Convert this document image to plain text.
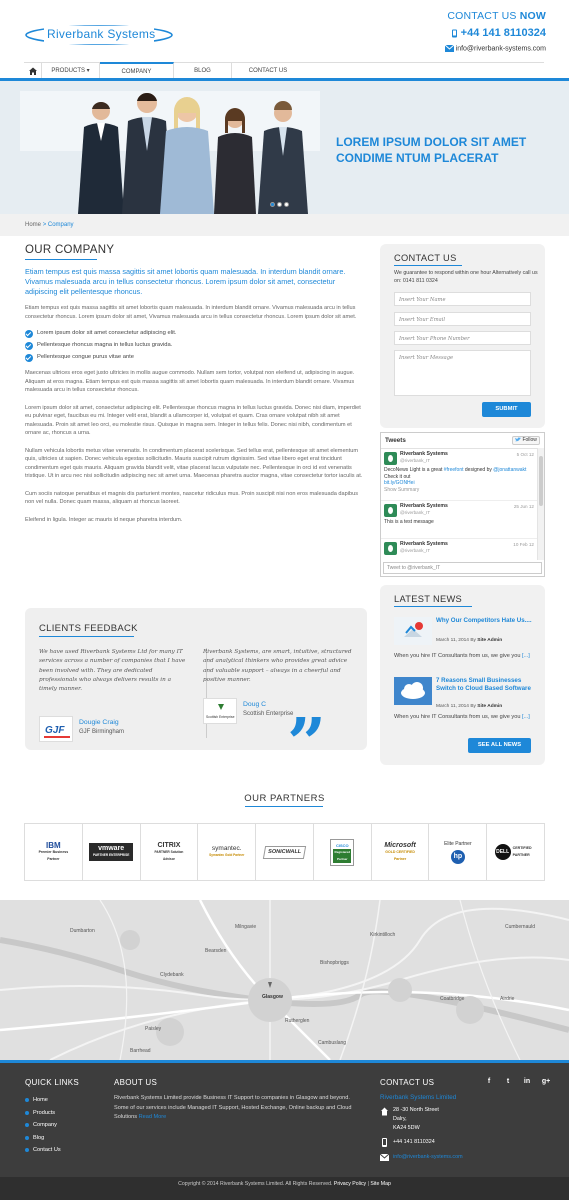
Riverbank Systems
CONTACT US NOW
+44 141 8110324
info@riverbank-systems.com
PRODUCTS ▾	COMPANY	BLOG	CONTACT US
LOREM IPSUM DOLOR SIT AMET
CONDIME NTUM PLACERAT
Home > Company
OUR COMPANY

Etiam tempus est quis massa sagittis sit amet lobortis quam malesuada. In interdum blandit ornare. Vivamus malesuada arcu in tellus consectetur rhoncus. Lorem ipsum dolor sit amet, consectetur adipiscing elit pellentesque rhoncus.

Etiam tempus est quis massa sagittis sit amet lobortis quam malesuada. In interdum blandit ornare. Vivamus malesuada arcu in tellus consectetur rhoncus. Lorem ipsum dolor sit amet, Vivamus malesuada arcu in tellus consectetur rhoncus. Lorem ipsum dolor sit amet.

Lorem ipsum dolor sit amet consectetur adipiscing elit.
Pellentesque rhoncus magna in tellus luctus gravida.
Pellentesque congue purus vitae ante

Maecenas ultrices eros eget justo ultricies in mollis augue commodo. Nullam sem tortor, volutpat non eleifend ut, adipiscing in augue. Aliquam at eros magna. Etiam tempus est quis massa sagittis sit amet lobortis quam malesuada. In interdum blandit ornare. Vivamus malesuada arcu in tellus consectetur rhoncus.

Lorem ipsum dolor sit amet, consectetur adipiscing elit. Pellentesque rhoncus magna in tellus luctus gravida. Donec nisi diam, imperdiet eu pulvinar eget, faucibus eu mi. Integer velit erat, blandit a ullamcorper id, volutpat et quam. Cras ornare volutpat nibh sit amet malesuada. Proin sit amet leo orci, eu molestie risus. Quisque in magna sem. Integer in tellus felis. Donec nisi nibh, condimentum et ornare ac, rhoncus a urna.

Nullam vehicula lobortis metus vitae venenatis. In condimentum placerat scelerisque. Sed tellus erat, pellentesque sit amet elementum quis, ultricies ut sapien. Donec vehicula egestas sollicitudin. Mauris suscipit rutrum dignissim. Sed vitae libero eget erat tincidunt condimentum eget quis mauris. Aliquam gravida blandit velit, vitae placerat lacus vulputate nec. Pellentesque in orci id est venenatis tristique. Ut in arcu nec nisi sollicitudin adipiscing nec sit amet urna. Maecenas pharetra auctor magna, vitae consectetur tortor iaculis at.

Cum sociis natoque penatibus et magnis dis parturient montes, nascetur ridiculus mus. Proin suscipit nisi non eros malesuada dapibus non vel nulla. Donec quam massa, aliquam at rhoncus laoreet.

Eleifend in ligula. Integer ac mauris id neque pharetra interdum.

CLIENTS FEEDBACK

We have used Riverbank Systems Ltd for many IT services across a number of companies that I have been involved with. They are dedicated professionals who always delivers results in a timely manner.

GJF
Dougie Craig
GJF Birmingham

Riverbank Systems, are smart, intuitive, structured and analytical thinkers who provides great advice and valuable support – always in a cheerful and positive manner.

Scottish Enterprise
Doug C
Scottish Enterprise
”
CONTACT US
We guarantee to respond within one hour Alternatively call us on: 0141 811 0324
Insert Your Name
Insert Your Email
Insert Your Phone Number
Insert Your Message
SUBMIT
Tweets	Follow
Riverbank Systems
@riverbank_IT
5 Oct 12
DecoNews Light is a great #freefont designed by @jonattanwakt Check it out
bit.ly/GONHei
Show Summary
Riverbank Systems
@riverbank_IT
25 Jun 12
This is a test message
Riverbank Systems
@riverbank_IT
10 Feb 12
Tweet to @riverbank_IT
LATEST NEWS
Why Our Competitors Hate Us....
March 11, 2014 By Site Admin
When you hire IT Consultants from us, we give you [...]
7 Reasons Small Businesses Switch to Cloud Based Software
March 11, 2014 By Site Admin
When you hire IT Consultants from us, we give you [...]
SEE ALL NEWS
OUR PARTNERS
IBM
Premier Business Partner
vmware
PARTNER ENTERPRISE
CITRIX
PARTNER Solution Advisor
symantec.
Symantec Gold Partner
SONICWALL
CISCO
Registered Partner
Microsoft
GOLD CERTIFIED Partner
Elite Partner
hp
DELL
CERTIFIED PARTNER
Dumbarton
Clydebank
Glasgow
Paisley
Rutherglen
Cumbernauld
Kirkintilloch
Bishopbriggs
Coatbridge	Airdrie
Milngavie
Barrhead
Cambuslang
Bearsden
QUICK LINKS
Home
Products
Company
Blog
Contact Us
ABOUT US
Riverbank Systems Limited provide Business IT Support to companies in Glasgow and beyond. Some of our services include Managed IT Support, Hosted Exchange, Online backup and Cloud Solutions Read More
CONTACT US	f	t	in	g+
Riverbank Systems Limited
28 -30 North Street
Dalry,
KA24 5DW
+44 141 8110324
info@riverbank-systems.com
Copyright © 2014 Riverbank Systems Limited. All Rights Reserved. Privacy Policy | Site Map
